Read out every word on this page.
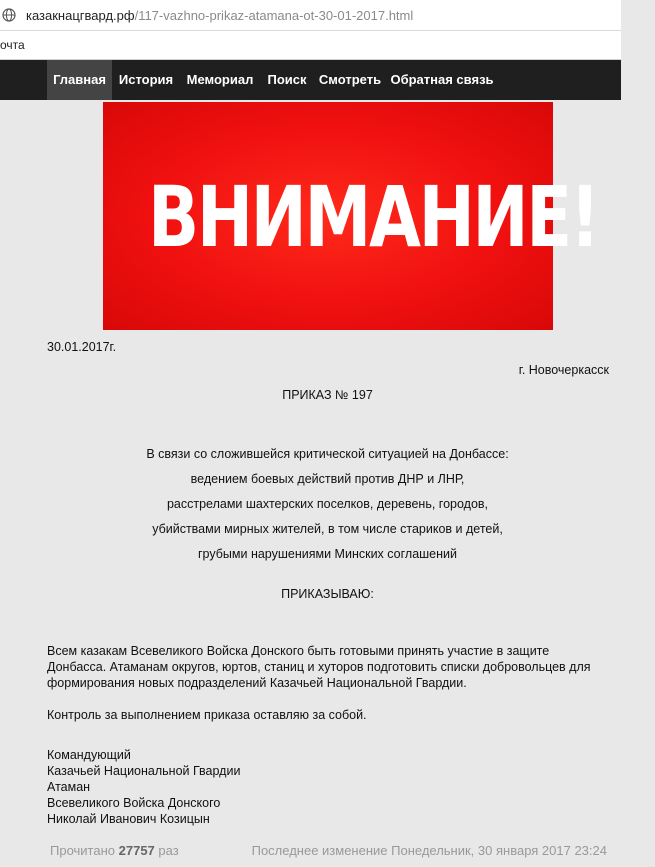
казакнацгвард.рф /117-vazhno-prikaz-atamana-ot-30-01-2017.html
очта
Главная История	Мемориал	Поиск Смотреть Обратная связь
ВНИМАНИЕ!
30.01.2017г.
г. Новочеркасск
ПРИКАЗ № 197
В связи со сложившейся критической ситуацией на Донбассе:
ведением боевых действий против ДНР и ЛНР,
расстрелами шахтерских поселков, деревень, городов,
убийствами мирных жителей, в том числе стариков и детей,
грубыми нарушениями Минских соглашений
ПРИКАЗЫВАЮ:
Всем казакам Всевеликого Войска Донского быть готовыми принять участие в защите
Донбасса. Атаманам округов, юртов, станиц и хуторов подготовить списки добровольцев для
формирования новых подразделений Казачьей Национальной Гвардии.
Контроль за выполнением приказа оставляю за собой.
Командующий
Казачьей Национальной Гвардии
Атаман
Всевеликого Войска Донского
Николай Иванович Козицын
Прочитано 27757 раз	Последнее изменение Понедельник, 30 января 2017 23:24
